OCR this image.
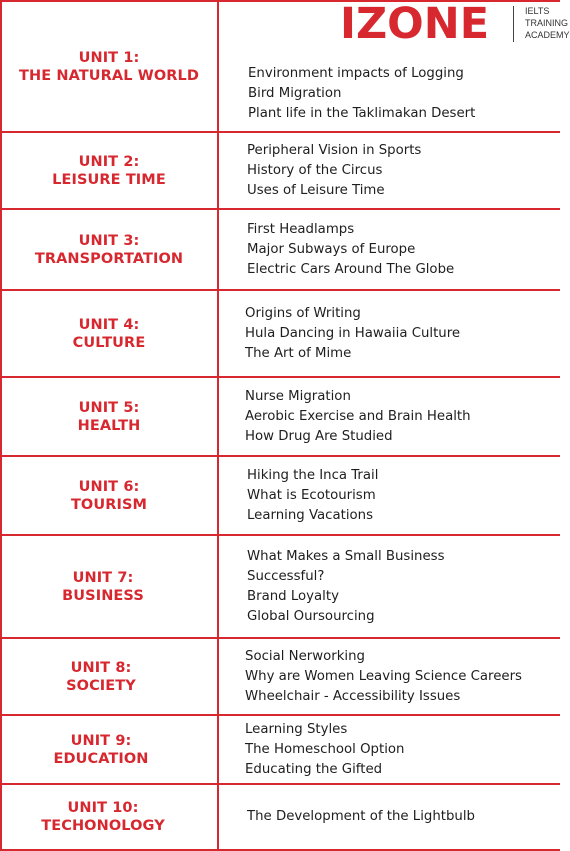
IZONE	IELTS
TRAINING
ACADEMY
UNIT 1:
THE NATURAL WORLD	Environment impacts of Logging
Bird Migration
Plant life in the Taklimakan Desert
UNIT 2:
LEISURE TIME
Peripheral Vision in Sports
History of the Circus
Uses of Leisure Time
UNIT 3:
TRANSPORTATION
First Headlamps
Major Subways of Europe
Electric Cars Around The Globe
UNIT 4:
CULTURE
Origins of Writing
Hula Dancing in Hawaiia Culture
The Art of Mime
UNIT 5:
HEALTH
Nurse Migration
Aerobic Exercise and Brain Health
How Drug Are Studied
UNIT 6:
TOURISM
Hiking the Inca Trail
What is Ecotourism
Learning Vacations
UNIT 7:
BUSINESS
What Makes a Small Business
Successful?
Brand Loyalty
Global Oursourcing
UNIT 8:
SOCIETY
Social Nerworking
Why are Women Leaving Science Careers
Wheelchair - Accessibility Issues
UNIT 9:
EDUCATION
Learning Styles
The Homeschool Option
Educating the Gifted
UNIT 10:
TECHONOLOGY
The Development of the Lightbulb
